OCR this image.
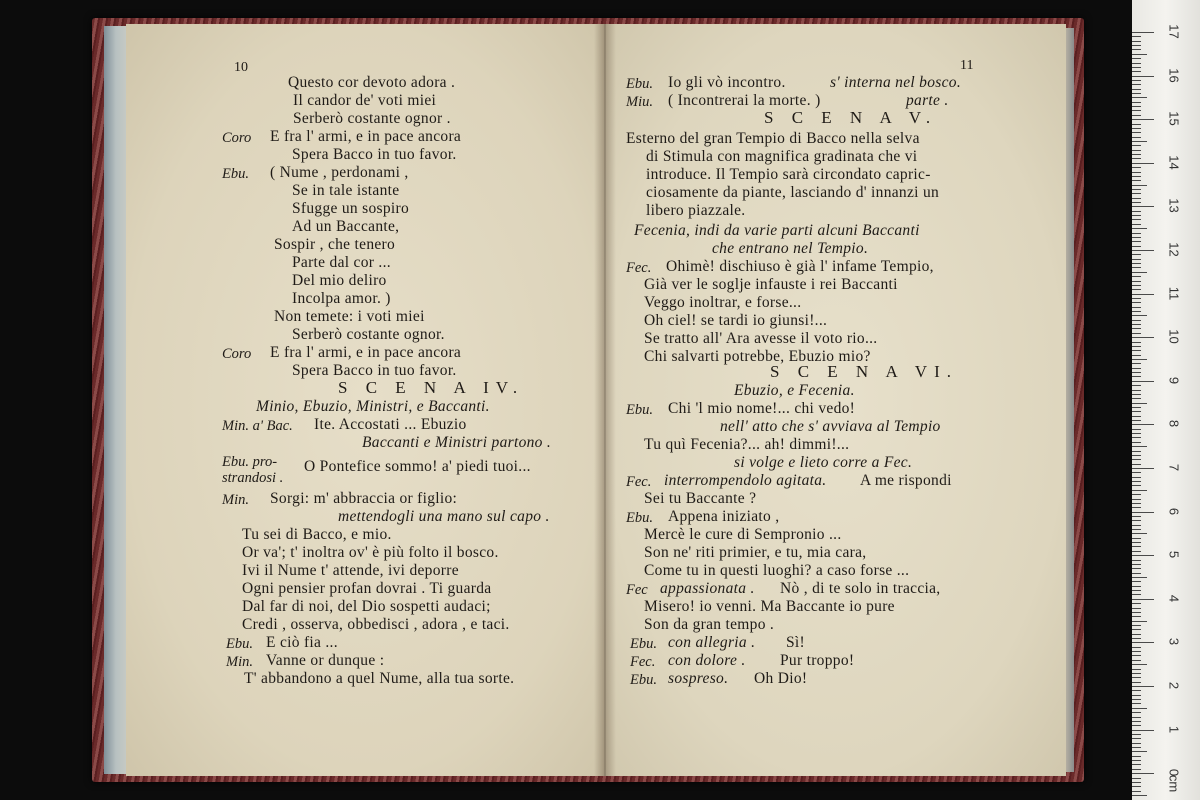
10
Questo cor devoto adora .
Il candor de' voti miei
Serberò costante ognor .
Coro E fra l' armi, e in pace ancora
Spera Bacco in tuo favor.
Ebu. ( Nume , perdonami ,
Se in tale istante
Sfugge un sospiro
Ad un Baccante,
Sospir , che tenero
Parte dal cor ...
Del mio deliro
Incolpa amor. )
Non temete: i voti miei
Serberò costante ognor.
Coro E fra l' armi, e in pace ancora
Spera Bacco in tuo favor.
S C E N A IV.
Minio, Ebuzio, Ministri, e Baccanti.
Min. a' Bac. Ite. Accostati ... Ebuzio
Baccanti e Ministri partono .
Ebu. pro-
strandosi .
O Pontefice sommo! a' piedi tuoi...
Min. Sorgi: m' abbraccia or figlio:
mettendogli una mano sul capo .
Tu sei di Bacco, e mio.
Or va'; t' inoltra ov' è più folto il bosco.
Ivi il Nume t' attende, ivi deporre
Ogni pensier profan dovrai . Ti guarda
Dal far di noi, del Dio sospetti audaci;
Credi , osserva, obbedisci , adora , e taci.
Ebu. E ciò fia ...
Min. Vanne or dunque :
T' abbandono a quel Nume, alla tua sorte.
11
Ebu. Io gli vò incontro.	s' interna nel bosco.
Miu. ( Incontrerai la morte. )	parte .
S C E N A V.
Esterno del gran Tempio di Bacco nella selva
di Stimula con magnifica gradinata che vi
introduce. Il Tempio sarà circondato capric-
ciosamente da piante, lasciando d' innanzi un
libero piazzale.
Fecenia, indi da varie parti alcuni Baccanti
che entrano nel Tempio.
Fec. Ohimè! dischiuso è già l' infame Tempio,
Già ver le soglje infauste i rei Baccanti
Veggo inoltrar, e forse...
Oh ciel! se tardi io giunsi!...
Se tratto all' Ara avesse il voto rio...
Chi salvarti potrebbe, Ebuzio mio?
S C E N A VI.
Ebuzio, e Fecenia.
Ebu. Chi 'l mio nome!... chi vedo!
nell' atto che s' avviava al Tempio
Tu quì Fecenia?... ah! dimmi!...
si volge e lieto corre a Fec.
Fec. interrompendolo agitata. A me rispondi
Sei tu Baccante ?
Ebu. Appena iniziato ,
Mercè le cure di Sempronio ...
Son ne' riti primier, e tu, mia cara,
Come tu in questi luoghi? a caso forse ...
Fec appassionata . Nò , di te solo in traccia,
Misero! io venni. Ma Baccante io pure
Son da gran tempo .
Ebu. con allegria . Sì!
Fec. con dolore . Pur troppo!
Ebu. sospreso. Oh Dio!
17
16
15
14
13
12
11
10
9
8
7
6
5
4
3
2
1
0
cm
